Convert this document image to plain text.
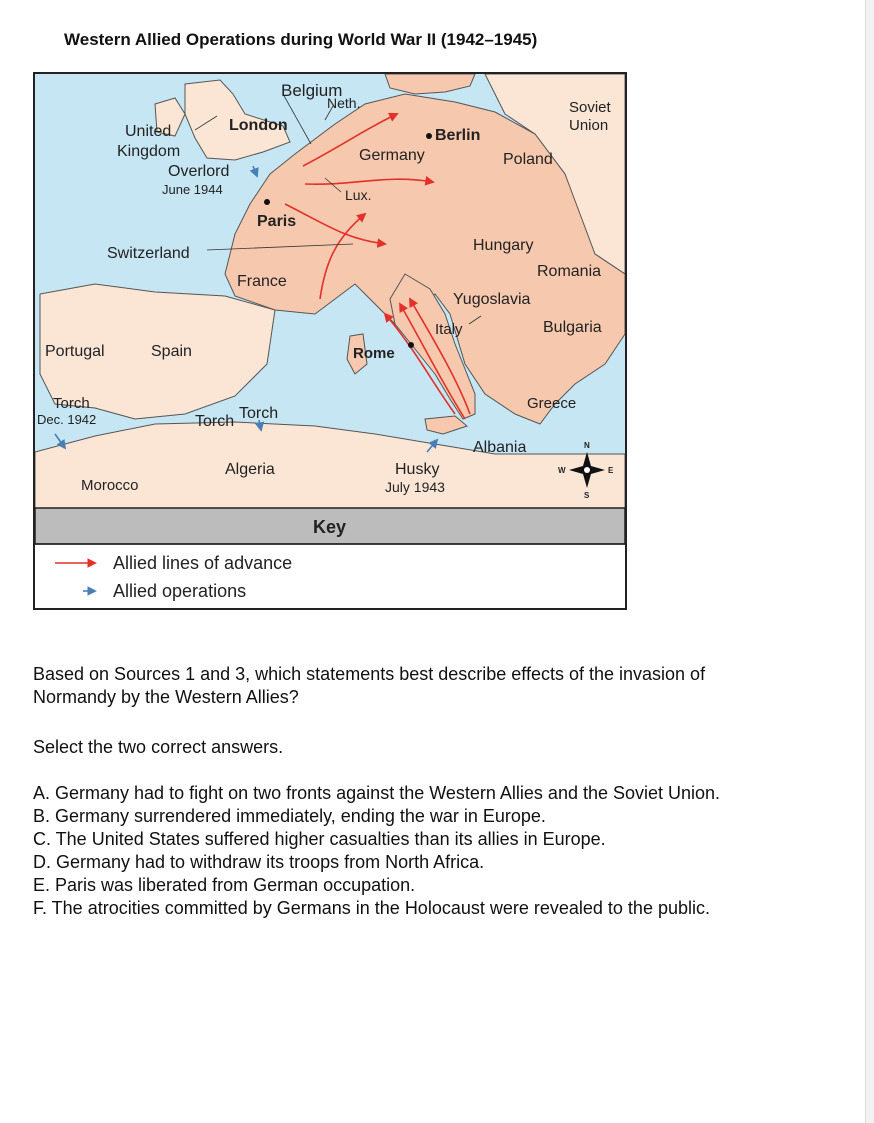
Western Allied Operations during World War II (1942–1945)
Belgium
Neth.	Soviet
Union
United
Kingdom
London
Berlin
Germany	Poland
Overlord
June 1944	Lux.
Paris
Switzerland	Hungary
Romania
France
Yugoslavia
Italy	Bulgaria
Portugal	Spain	Rome
Torch
Dec. 1942	Torch Torch
Greece
Albania
Algeria	Husky
July 1943
Morocco
N
S
E
W
Key
Allied lines of advance
Allied operations
Based on Sources 1 and 3, which statements best describe effects of the invasion of Normandy by the Western Allies?
Select the two correct answers.

A. Germany had to fight on two fronts against the Western Allies and the Soviet Union.

B. Germany surrendered immediately, ending the war in Europe.

C. The United States suffered higher casualties than its allies in Europe.

D. Germany had to withdraw its troops from North Africa.

E. Paris was liberated from German occupation.

F. The atrocities committed by Germans in the Holocaust were revealed to the public.
